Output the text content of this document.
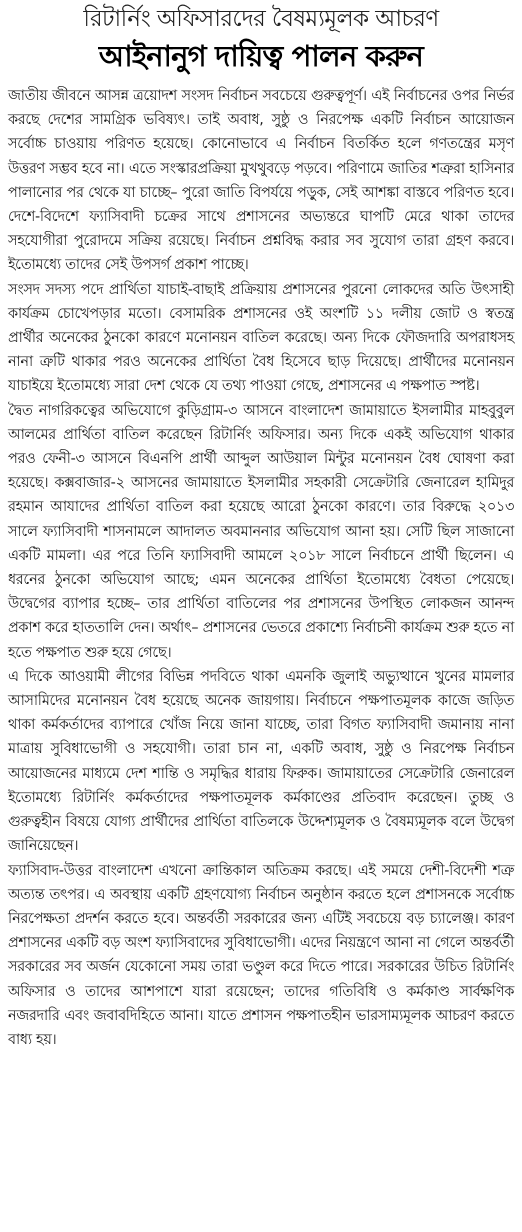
রিটার্নিং অফিসারদের বৈষম্যমূলক আচরণ
আইনানুগ দায়িত্ব পালন করুন

জাতীয় জীবনে আসন্ন ত্রয়োদশ সংসদ নির্বাচন সবচেয়ে গুরুত্বপূর্ণ। এই নির্বাচনের ওপর নির্ভর করছে দেশের সামগ্রিক ভবিষ্যৎ। তাই অবাধ, সুষ্ঠু ও নিরপেক্ষ একটি নির্বাচন আয়োজন সর্বোচ্চ চাওয়ায় পরিণত হয়েছে। কোনোভাবে এ নির্বাচন বিতর্কিত হলে গণতন্ত্রের মসৃণ উত্তরণ সম্ভব হবে না। এতে সংস্কারপ্রক্রিয়া মুখথুবড়ে পড়বে। পরিণামে জাতির শত্রুরা হাসিনার পালানোর পর থেকে যা চাচ্ছে– পুরো জাতি বিপর্যয়ে পড়ুক, সেই আশঙ্কা বাস্তবে পরিণত হবে। দেশে-বিদেশে ফ্যাসিবাদী চক্রের সাথে প্রশাসনের অভ্যন্তরে ঘাপটি মেরে থাকা তাদের সহযোগীরা পুরোদমে সক্রিয় রয়েছে। নির্বাচন প্রশ্নবিদ্ধ করার সব সুযোগ তারা গ্রহণ করবে। ইতোমধ্যে তাদের সেই উপসর্গ প্রকাশ পাচ্ছে।

সংসদ সদস্য পদে প্রার্থিতা যাচাই-বাছাই প্রক্রিয়ায় প্রশাসনের পুরনো লোকদের অতি উৎসাহী কার্যক্রম চোখেপড়ার মতো। বেসামরিক প্রশাসনের ওই অংশটি ১১ দলীয় জোট ও স্বতন্ত্র প্রার্থীর অনেকের ঠুনকো কারণে মনোনয়ন বাতিল করেছে। অন্য দিকে ফৌজদারি অপরাধসহ নানা ত্রুটি থাকার পরও অনেকের প্রার্থিতা বৈধ হিসেবে ছাড় দিয়েছে। প্রার্থীদের মনোনয়ন যাচাইয়ে ইতোমধ্যে সারা দেশ থেকে যে তথ্য পাওয়া গেছে, প্রশাসনের এ পক্ষপাত স্পষ্ট।

দ্বৈত নাগরিকত্বের অভিযোগে কুড়িগ্রাম-৩ আসনে বাংলাদেশ জামায়াতে ইসলামীর মাহবুবুল আলমের প্রার্থিতা বাতিল করেছেন রিটার্নিং অফিসার। অন্য দিকে একই অভিযোগ থাকার পরও ফেনী-৩ আসনে বিএনপি প্রার্থী আব্দুল আউয়াল মিন্টুর মনোনয়ন বৈধ ঘোষণা করা হয়েছে। কক্সবাজার-২ আসনের জামায়াতে ইসলামীর সহকারী সেক্রেটারি জেনারেল হামিদুর রহমান আযাদের প্রার্থিতা বাতিল করা হয়েছে আরো ঠুনকো কারণে। তার বিরুদ্ধে ২০১৩ সালে ফ্যাসিবাদী শাসনামলে আদালত অবমাননার অভিযোগ আনা হয়। সেটি ছিল সাজানো একটি মামলা। এর পরে তিনি ফ্যাসিবাদী আমলে ২০১৮ সালে নির্বাচনে প্রার্থী ছিলেন। এ ধরনের ঠুনকো অভিযোগ আছে; এমন অনেকের প্রার্থিতা ইতোমধ্যে বৈধতা পেয়েছে। উদ্বেগের ব্যাপার হচ্ছে– তার প্রার্থিতা বাতিলের পর প্রশাসনের উপস্থিত লোকজন আনন্দ প্রকাশ করে হাততালি দেন। অর্থাৎ– প্রশাসনের ভেতরে প্রকাশ্যে নির্বাচনী কার্যক্রম শুরু হতে না হতে পক্ষপাত শুরু হয়ে গেছে।

এ দিকে আওয়ামী লীগের বিভিন্ন পদবিতে থাকা এমনকি জুলাই অভ্যুত্থানে খুনের মামলার আসামিদের মনোনয়ন বৈধ হয়েছে অনেক জায়গায়। নির্বাচনে পক্ষপাতমূলক কাজে জড়িত থাকা কর্মকর্তাদের ব্যাপারে খোঁজ নিয়ে জানা যাচ্ছে, তারা বিগত ফ্যাসিবাদী জমানায় নানা মাত্রায় সুবিধাভোগী ও সহযোগী। তারা চান না, একটি অবাধ, সুষ্ঠু ও নিরপেক্ষ নির্বাচন আয়োজনের মাধ্যমে দেশ শান্তি ও সমৃদ্ধির ধারায় ফিরুক। জামায়াতের সেক্রেটারি জেনারেল ইতোমধ্যে রিটার্নিং কর্মকর্তাদের পক্ষপাতমূলক কর্মকাণ্ডের প্রতিবাদ করেছেন। তুচ্ছ ও গুরুত্বহীন বিষয়ে যোগ্য প্রার্থীদের প্রার্থিতা বাতিলকে উদ্দেশ্যমূলক ও বৈষম্যমূলক বলে উদ্বেগ জানিয়েছেন।

ফ্যাসিবাদ-উত্তর বাংলাদেশ এখনো ক্রান্তিকাল অতিক্রম করছে। এই সময়ে দেশী-বিদেশী শত্রু অত্যন্ত তৎপর। এ অবস্থায় একটি গ্রহণযোগ্য নির্বাচন অনুষ্ঠান করতে হলে প্রশাসনকে সর্বোচ্চ নিরপেক্ষতা প্রদর্শন করতে হবে। অন্তর্বর্তী সরকারের জন্য এটিই সবচেয়ে বড় চ্যালেঞ্জ। কারণ প্রশাসনের একটি বড় অংশ ফ্যাসিবাদের সুবিধাভোগী। এদের নিয়ন্ত্রণে আনা না গেলে অন্তর্বর্তী সরকারের সব অর্জন যেকোনো সময় তারা ভণ্ডুল করে দিতে পারে। সরকারের উচিত রিটার্নিং অফিসার ও তাদের আশপাশে যারা রয়েছেন; তাদের গতিবিধি ও কর্মকাণ্ড সার্বক্ষণিক নজরদারি এবং জবাবদিহিতে আনা। যাতে প্রশাসন পক্ষপাতহীন ভারসাম্যমূলক আচরণ করতে বাধ্য হয়।
